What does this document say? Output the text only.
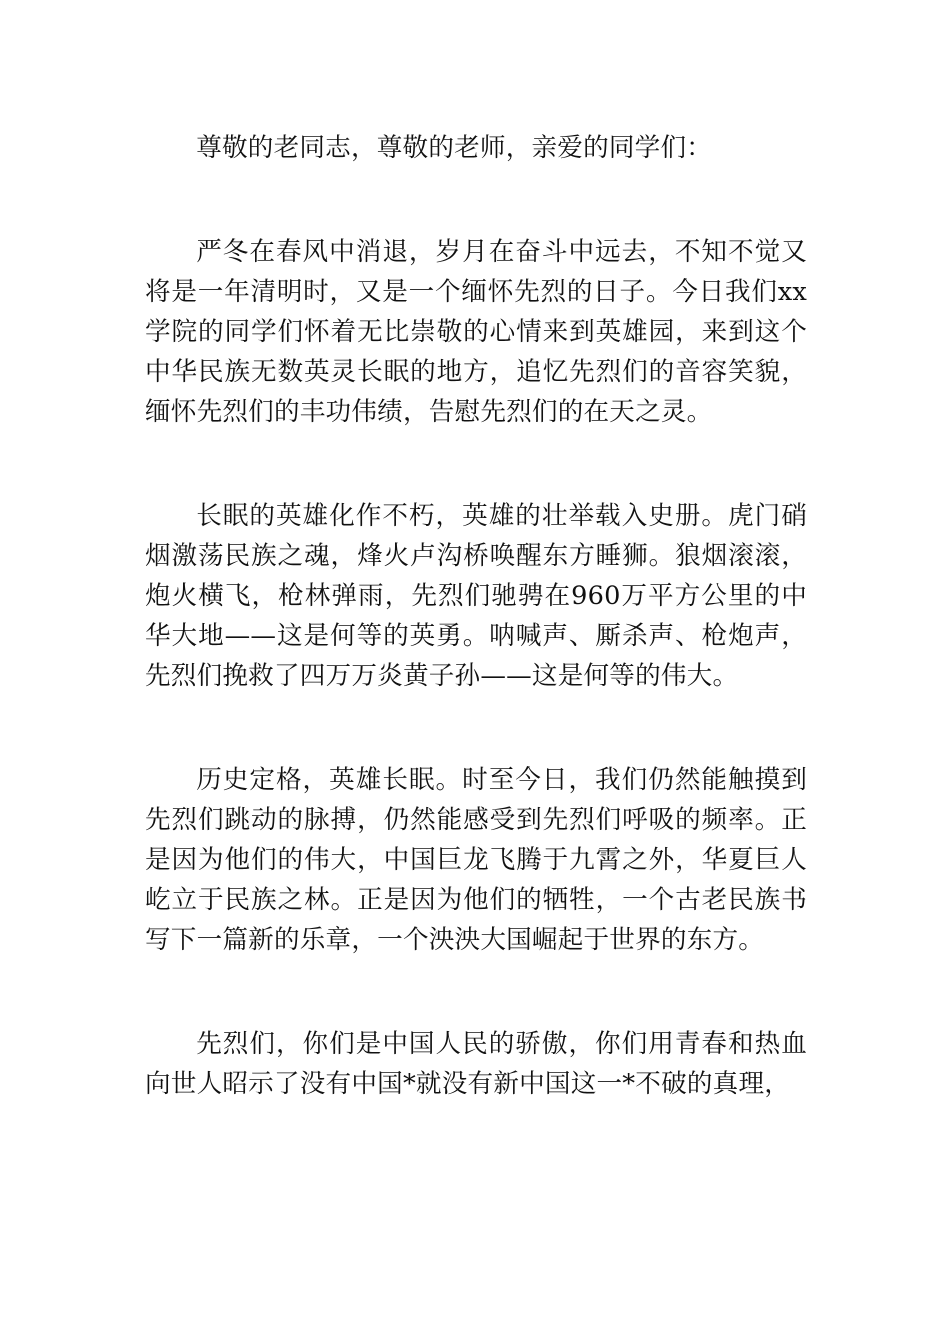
尊敬的老同志，尊敬的老师，亲爱的同学们：

严冬在春风中消退，岁月在奋斗中远去，不知不觉又将是一年清明时，又是一个缅怀先烈的日子。今日我们xx学院的同学们怀着无比崇敬的心情来到英雄园，来到这个中华民族无数英灵长眠的地方，追忆先烈们的音容笑貌，缅怀先烈们的丰功伟绩，告慰先烈们的在天之灵。

长眠的英雄化作不朽，英雄的壮举载入史册。虎门硝烟激荡民族之魂，烽火卢沟桥唤醒东方睡狮。狼烟滚滚，炮火横飞，枪林弹雨，先烈们驰骋在960万平方公里的中华大地——这是何等的英勇。呐喊声、厮杀声、枪炮声，先烈们挽救了四万万炎黄子孙——这是何等的伟大。

历史定格，英雄长眠。时至今日，我们仍然能触摸到先烈们跳动的脉搏，仍然能感受到先烈们呼吸的频率。正是因为他们的伟大，中国巨龙飞腾于九霄之外，华夏巨人屹立于民族之林。正是因为他们的牺牲，一个古老民族书写下一篇新的乐章，一个泱泱大国崛起于世界的东方。

先烈们，你们是中国人民的骄傲，你们用青春和热血向世人昭示了没有中国*就没有新中国这一*不破的真理，
